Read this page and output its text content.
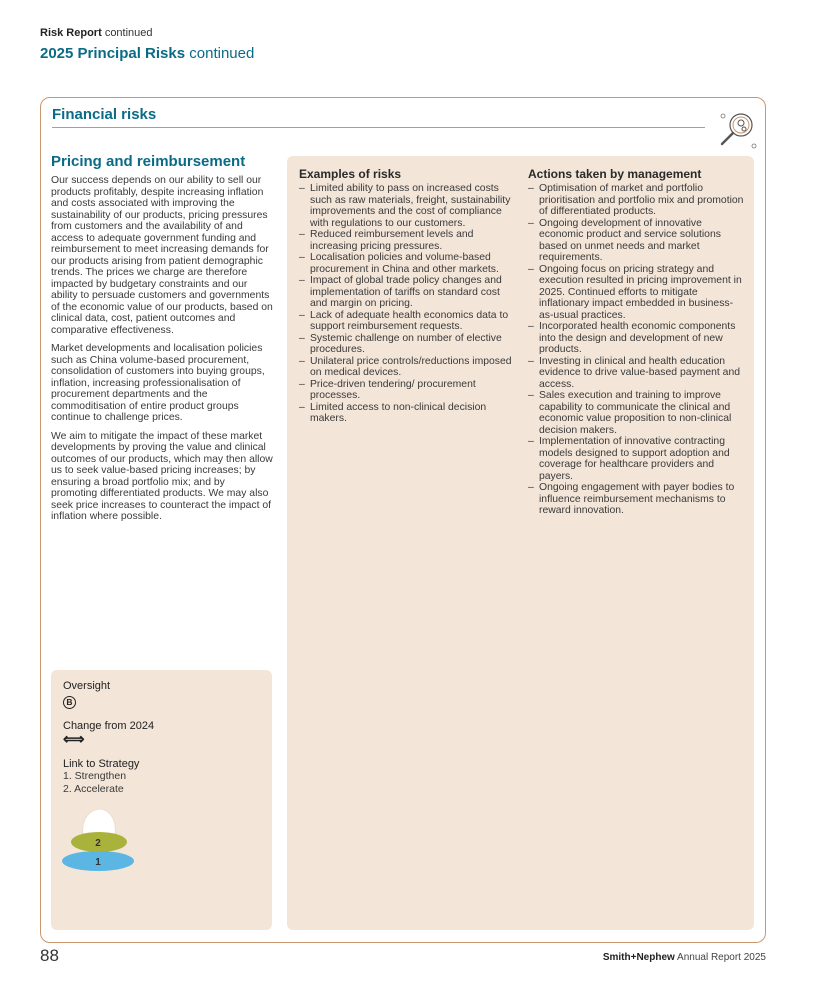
Risk Report continued
2025 Principal Risks continued
Financial risks
Pricing and reimbursement

Our success depends on our ability to sell our products profitably, despite increasing inflation and costs associated with improving the sustainability of our products, pricing pressures from customers and the availability of and access to adequate government funding and reimbursement to meet increasing demands for our products arising from patient demographic trends. The prices we charge are therefore impacted by budgetary constraints and our ability to persuade customers and governments of the economic value of our products, based on clinical data, cost, patient outcomes and comparative effectiveness.

Market developments and localisation policies such as China volume-based procurement, consolidation of customers into buying groups, inflation, increasing professionalisation of procurement departments and the commoditisation of entire product groups continue to challenge prices.

We aim to mitigate the impact of these market developments by proving the value and clinical outcomes of our products, which may then allow us to seek value-based pricing increases; by ensuring a broad portfolio mix; and by promoting differentiated products. We may also seek price increases to counteract the impact of inflation where possible.

Oversight
B
Change from 2024
⟺
Link to Strategy
1. Strengthen
2. Accelerate
2
1
Examples of risks
– Limited ability to pass on increased costs such as raw materials, freight, sustainability improvements and the cost of compliance with regulations to our customers.
– Reduced reimbursement levels and increasing pricing pressures.
– Localisation policies and volume-based procurement in China and other markets.
– Impact of global trade policy changes and implementation of tariffs on standard cost and margin on pricing.
– Lack of adequate health economics data to support reimbursement requests.
– Systemic challenge on number of elective procedures.
– Unilateral price controls/reductions imposed on medical devices.
– Price-driven tendering/ procurement processes.
– Limited access to non-clinical decision makers.
Actions taken by management
– Optimisation of market and portfolio prioritisation and portfolio mix and promotion of differentiated products.
– Ongoing development of innovative economic product and service solutions based on unmet needs and market requirements.
– Ongoing focus on pricing strategy and execution resulted in pricing improvement in 2025. Continued efforts to mitigate inflationary impact embedded in business-as-usual practices.
– Incorporated health economic components into the design and development of new products.
– Investing in clinical and health education evidence to drive value-based payment and access.
– Sales execution and training to improve capability to communicate the clinical and economic value proposition to non-clinical decision makers.
– Implementation of innovative contracting models designed to support adoption and coverage for healthcare providers and payers.
– Ongoing engagement with payer bodies to influence reimbursement mechanisms to reward innovation.
88	Smith+Nephew Annual Report 2025
